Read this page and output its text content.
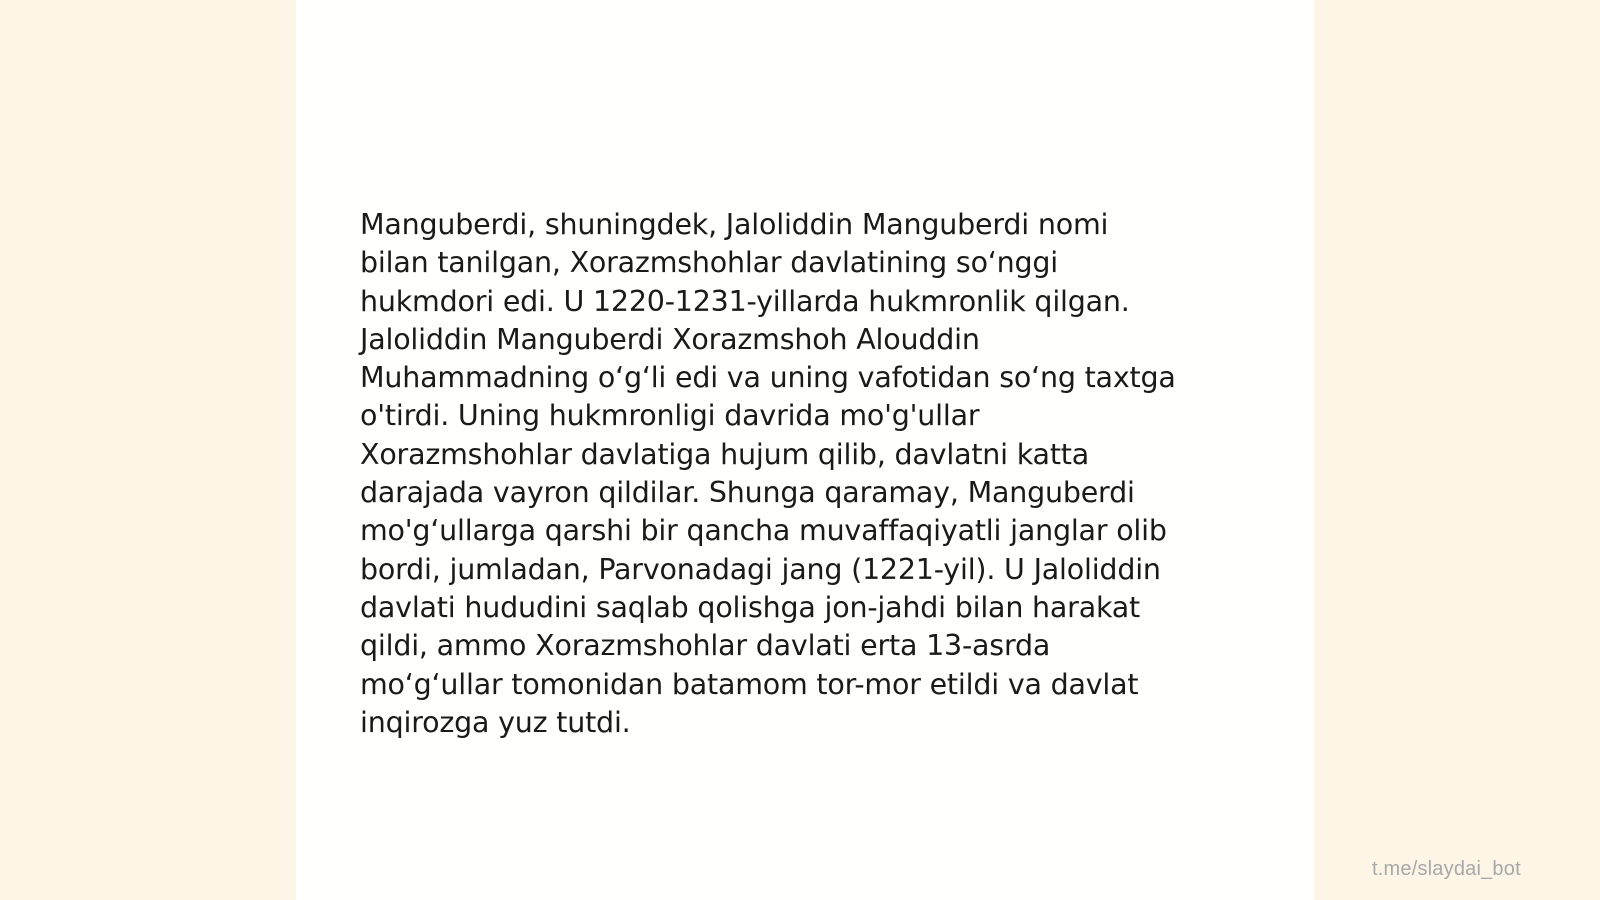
Manguberdi, shuningdek, Jaloliddin Manguberdi nomi
bilan tanilgan, Xorazmshohlar davlatining so‘nggi
hukmdori edi. U 1220-1231-yillarda hukmronlik qilgan.
Jaloliddin Manguberdi Xorazmshoh Alouddin
Muhammadning o‘g‘li edi va uning vafotidan so‘ng taxtga
o'tirdi. Uning hukmronligi davrida mo'g'ullar
Xorazmshohlar davlatiga hujum qilib, davlatni katta
darajada vayron qildilar. Shunga qaramay, Manguberdi
mo'g‘ullarga qarshi bir qancha muvaffaqiyatli janglar olib
bordi, jumladan, Parvonadagi jang (1221-yil). U Jaloliddin
davlati hududini saqlab qolishga jon-jahdi bilan harakat
qildi, ammo Xorazmshohlar davlati erta 13-asrda
mo‘g‘ullar tomonidan batamom tor-mor etildi va davlat
inqirozga yuz tutdi.
t.me/slaydai_bot
